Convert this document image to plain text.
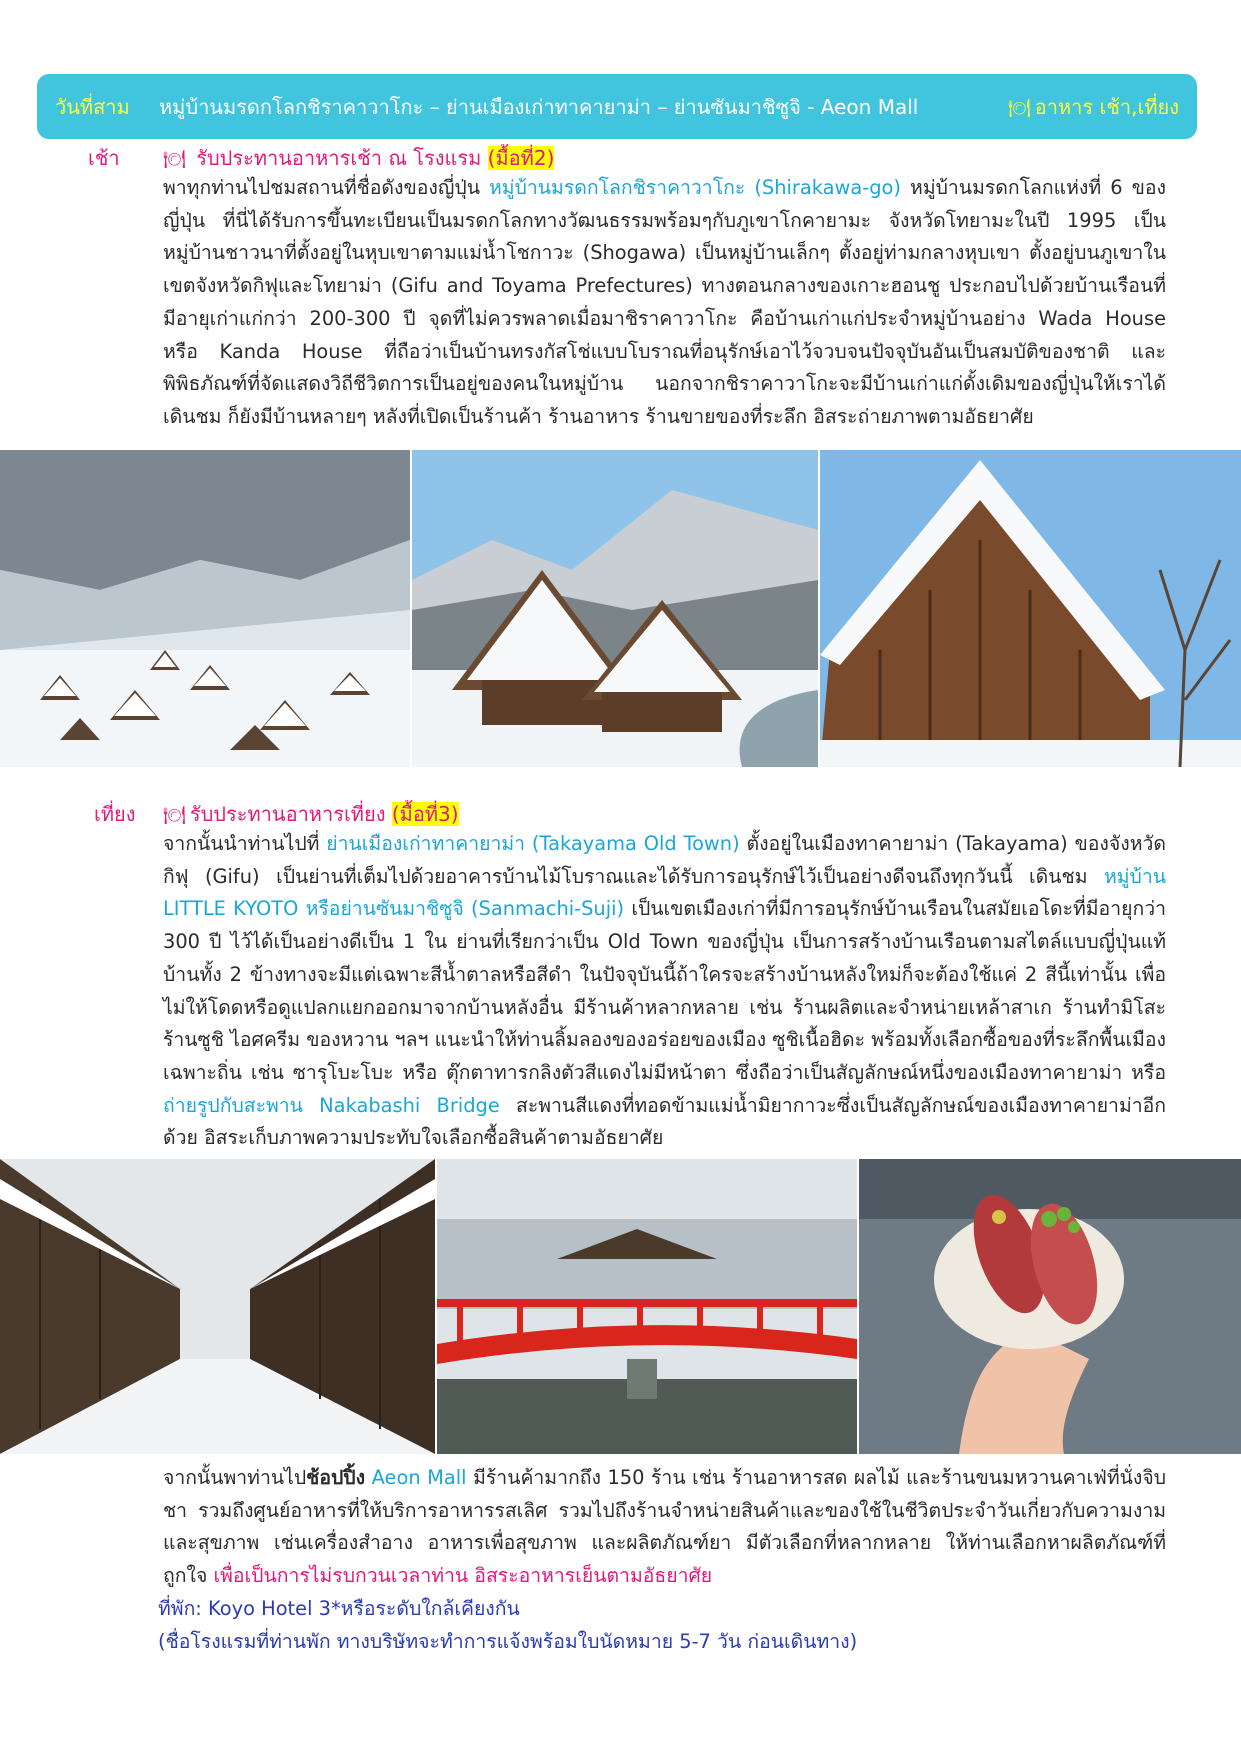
วันที่สาม	หมู่บ้านมรดกโลกชิราคาวาโกะ – ย่านเมืองเก่าทาคายาม่า – ย่านซันมาชิซูจิ - Aeon Mall	🍽 อาหาร เช้า,เที่ยง
เช้า 🍽 รับประทานอาหารเช้า ณ โรงแรม (มื้อที่2)
พาทุกท่านไปชมสถานที่ชื่อดังของญี่ปุ่น หมู่บ้านมรดกโลกชิราคาวาโกะ (Shirakawa-go) หมู่บ้านมรดกโลกแห่งที่ 6 ของญี่ปุ่น ที่นี่ได้รับการขึ้นทะเบียนเป็นมรดกโลกทางวัฒนธรรมพร้อมๆกับภูเขาโกคายามะ จังหวัดโทยามะในปี 1995 เป็นหมู่บ้านชาวนาที่ตั้งอยู่ในหุบเขาตามแม่น้ำโชกาวะ (Shogawa) เป็นหมู่บ้านเล็กๆ ตั้งอยู่ท่ามกลางหุบเขา ตั้งอยู่บนภูเขาในเขตจังหวัดกิฟุและโทยาม่า (Gifu and Toyama Prefectures) ทางตอนกลางของเกาะฮอนชู ประกอบไปด้วยบ้านเรือนที่มีอายุเก่าแก่กว่า 200-300 ปี จุดที่ไม่ควรพลาดเมื่อมาชิราคาวาโกะ คือบ้านเก่าแก่ประจำหมู่บ้านอย่าง Wada House หรือ Kanda House ที่ถือว่าเป็นบ้านทรงกัสโช่แบบโบราณที่อนุรักษ์เอาไว้จวบจนปัจจุบันอันเป็นสมบัติของชาติ และพิพิธภัณฑ์ที่จัดแสดงวิถีชีวิตการเป็นอยู่ของคนในหมู่บ้าน นอกจากชิราคาวาโกะจะมีบ้านเก่าแก่ดั้งเดิมของญี่ปุ่นให้เราได้เดินชม ก็ยังมีบ้านหลายๆ หลังที่เปิดเป็นร้านค้า ร้านอาหาร ร้านขายของที่ระลึก อิสระถ่ายภาพตามอัธยาศัย
เที่ยง 🍽 รับประทานอาหารเที่ยง (มื้อที่3)
จากนั้นนำท่านไปที่ ย่านเมืองเก่าทาคายาม่า (Takayama Old Town) ตั้งอยู่ในเมืองทาคายาม่า (Takayama) ของจังหวัดกิฟุ (Gifu) เป็นย่านที่เต็มไปด้วยอาคารบ้านไม้โบราณและได้รับการอนุรักษ์ไว้เป็นอย่างดีจนถึงทุกวันนี้ เดินชม หมู่บ้าน LITTLE KYOTO หรือย่านซันมาชิซูจิ (Sanmachi-Suji) เป็นเขตเมืองเก่าที่มีการอนุรักษ์บ้านเรือนในสมัยเอโดะที่มีอายุกว่า 300 ปี ไว้ได้เป็นอย่างดีเป็น 1 ใน ย่านที่เรียกว่าเป็น Old Town ของญี่ปุ่น เป็นการสร้างบ้านเรือนตามสไตล์แบบญี่ปุ่นแท้ บ้านทั้ง 2 ข้างทางจะมีแต่เฉพาะสีน้ำตาลหรือสีดำ ในปัจจุบันนี้ถ้าใครจะสร้างบ้านหลังใหม่ก็จะต้องใช้แค่ 2 สีนี้เท่านั้น เพื่อไม่ให้โดดหรือดูแปลกแยกออกมาจากบ้านหลังอื่น มีร้านค้าหลากหลาย เช่น ร้านผลิตและจำหน่ายเหล้าสาเก ร้านทำมิโสะ ร้านซูชิ ไอศครีม ของหวาน ฯลฯ แนะนำให้ท่านลิ้มลองของอร่อยของเมือง ซูชิเนื้อฮิดะ พร้อมทั้งเลือกซื้อของที่ระลึกพื้นเมืองเฉพาะถิ่น เช่น ซารุโบะโบะ หรือ ตุ๊กตาทารกลิงตัวสีแดงไม่มีหน้าตา ซึ่งถือว่าเป็นสัญลักษณ์หนึ่งของเมืองทาคายาม่า หรือ ถ่ายรูปกับสะพาน Nakabashi Bridge สะพานสีแดงที่ทอดข้ามแม่น้ำมิยากาวะซึ่งเป็นสัญลักษณ์ของเมืองทาคายาม่าอีกด้วย อิสระเก็บภาพความประทับใจเลือกซื้อสินค้าตามอัธยาศัย
จากนั้นพาท่านไปช้อปปิ้ง Aeon Mall มีร้านค้ามากถึง 150 ร้าน เช่น ร้านอาหารสด ผลไม้ และร้านขนมหวานคาเฟ่ที่นั่งจิบชา รวมถึงศูนย์อาหารที่ให้บริการอาหารรสเลิศ รวมไปถึงร้านจำหน่ายสินค้าและของใช้ในชีวิตประจำวันเกี่ยวกับความงามและสุขภาพ เช่นเครื่องสำอาง อาหารเพื่อสุขภาพ และผลิตภัณฑ์ยา มีตัวเลือกที่หลากหลาย ให้ท่านเลือกหาผลิตภัณฑ์ที่ถูกใจ เพื่อเป็นการไม่รบกวนเวลาท่าน อิสระอาหารเย็นตามอัธยาศัย
ที่พัก: Koyo Hotel 3*หรือระดับใกล้เคียงกัน
(ชื่อโรงแรมที่ท่านพัก ทางบริษัทจะทำการแจ้งพร้อมใบนัดหมาย 5-7 วัน ก่อนเดินทาง)
